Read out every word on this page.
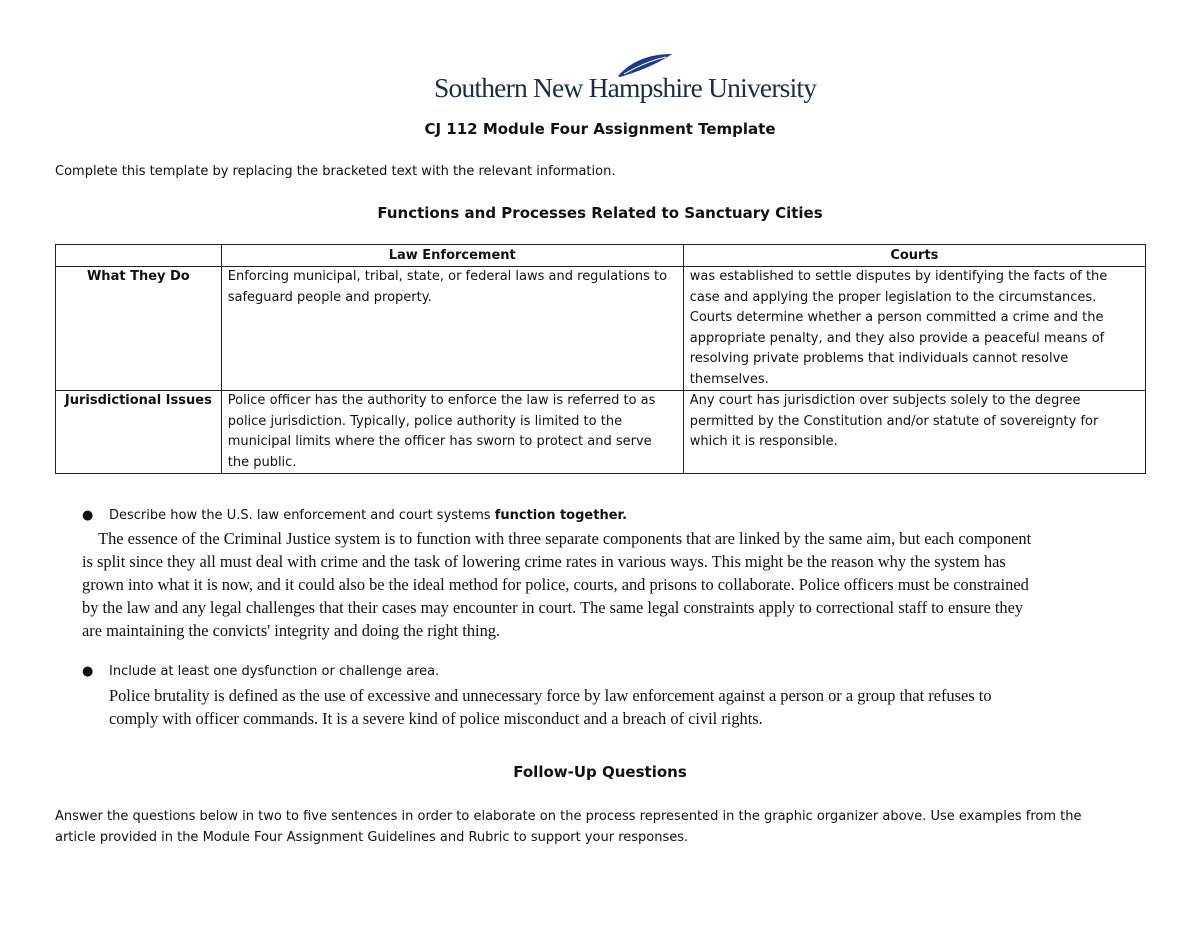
Southern New Hampshire University
CJ 112 Module Four Assignment Template
Complete this template by replacing the bracketed text with the relevant information.
Functions and Processes Related to Sanctuary Cities
	Law Enforcement	Courts
What They Do	Enforcing municipal, tribal, state, or federal laws and regulations to safeguard people and property.	was established to settle disputes by identifying the facts of the case and applying the proper legislation to the circumstances. Courts determine whether a person committed a crime and the appropriate penalty, and they also provide a peaceful means of resolving private problems that individuals cannot resolve themselves.
Jurisdictional Issues	Police officer has the authority to enforce the law is referred to as police jurisdiction. Typically, police authority is limited to the municipal limits where the officer has sworn to protect and serve the public.	Any court has jurisdiction over subjects solely to the degree permitted by the Constitution and/or statute of sovereignty for which it is responsible.
● Describe how the U.S. law enforcement and court systems function together.

The essence of the Criminal Justice system is to function with three separate components that are linked by the same aim, but each component

is split since they all must deal with crime and the task of lowering crime rates in various ways. This might be the reason why the system has

grown into what it is now, and it could also be the ideal method for police, courts, and prisons to collaborate. Police officers must be constrained

by the law and any legal challenges that their cases may encounter in court. The same legal constraints apply to correctional staff to ensure they

are maintaining the convicts' integrity and doing the right thing.

● Include at least one dysfunction or challenge area.

Police brutality is defined as the use of excessive and unnecessary force by law enforcement against a person or a group that refuses to

comply with officer commands. It is a severe kind of police misconduct and a breach of civil rights.

Follow-Up Questions

Answer the questions below in two to five sentences in order to elaborate on the process represented in the graphic organizer above. Use examples from the

article provided in the Module Four Assignment Guidelines and Rubric to support your responses.
